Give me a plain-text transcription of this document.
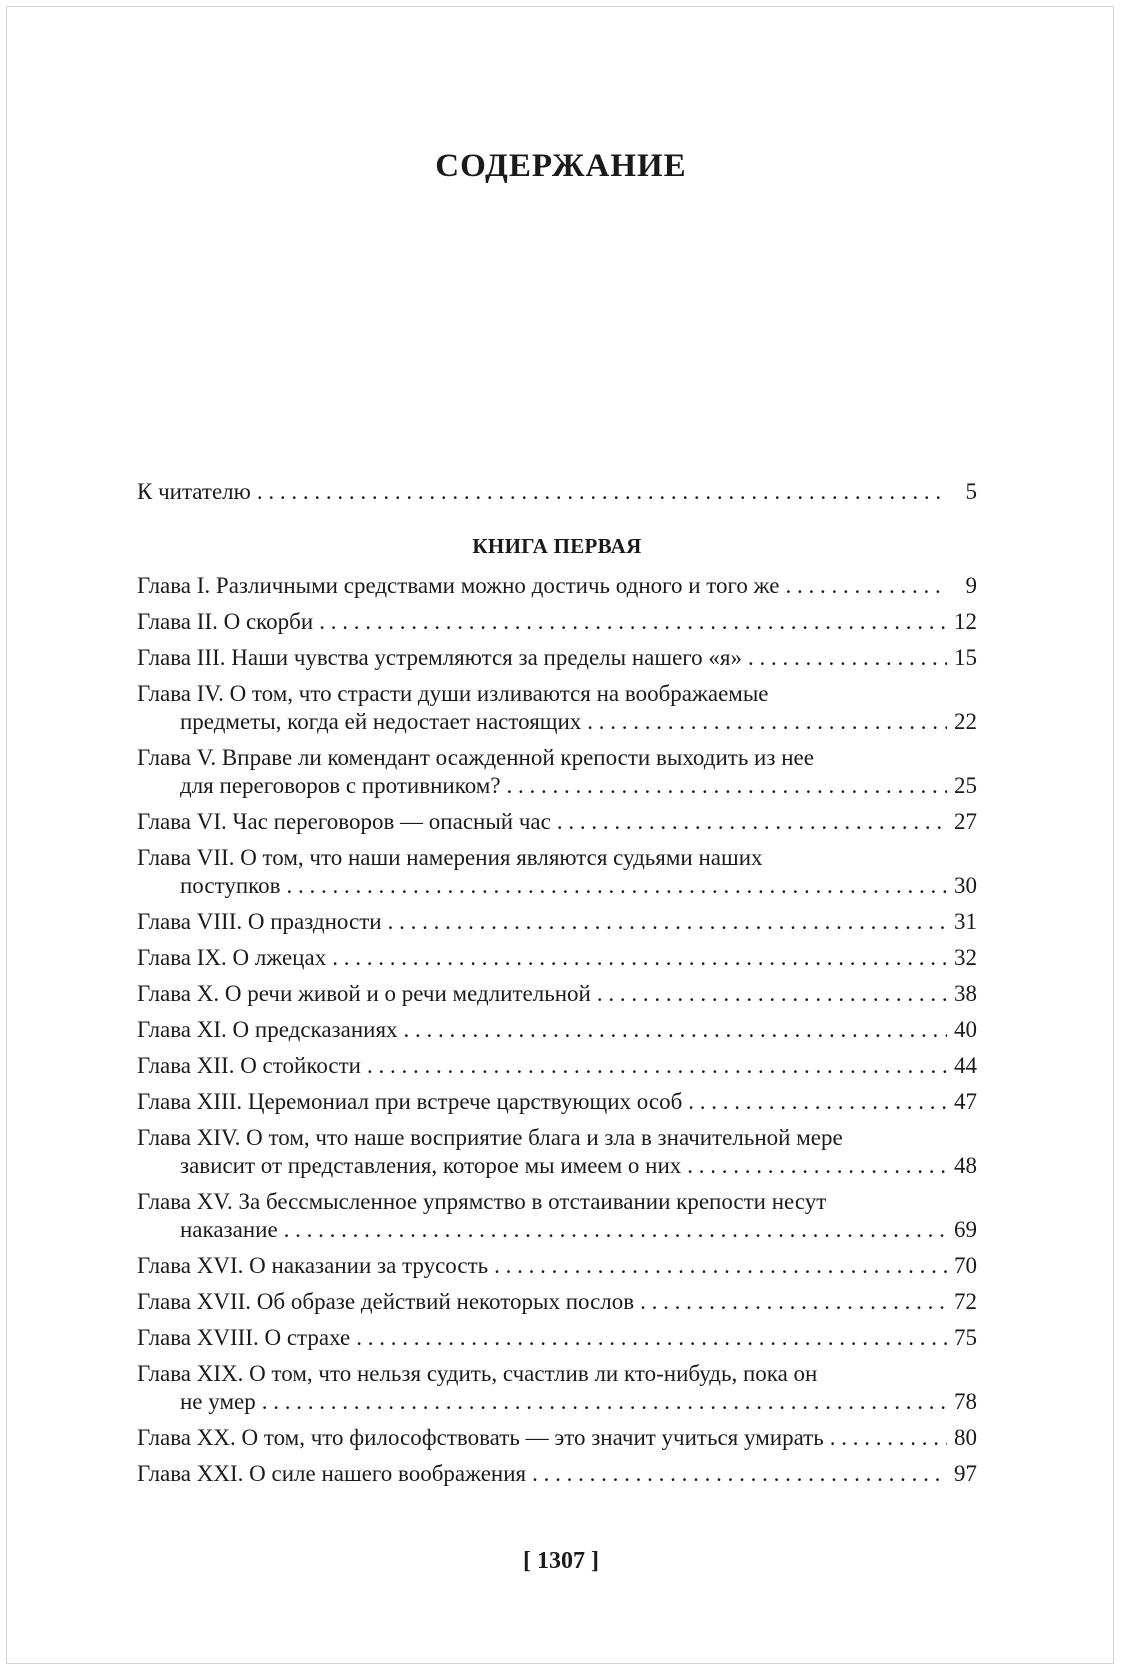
СОДЕРЖАНИЕ
К читателю . . .	5
КНИГА ПЕРВАЯ
Глава I. Различными средствами можно достичь одного и того же . . .	9
Глава II. О скорби . . .	12
Глава III. Наши чувства устремляются за пределы нашего «я» . . .	15
Глава IV. О том, что страсти души изливаются на воображаемые
предметы, когда ей недостает настоящих . . .	22
Глава V. Вправе ли комендант осажденной крепости выходить из нее
для переговоров с противником? . . .	25
Глава VI. Час переговоров — опасный час . . .	27
Глава VII. О том, что наши намерения являются судьями наших
поступков . . .	30
Глава VIII. О праздности . . .	31
Глава IX. О лжецах . . .	32
Глава X. О речи живой и о речи медлительной . . .	38
Глава XI. О предсказаниях . . .	40
Глава XII. О стойкости . . .	44
Глава XIII. Церемониал при встрече царствующих особ . . .	47
Глава XIV. О том, что наше восприятие блага и зла в значительной мере
зависит от представления, которое мы имеем о них . . .	48
Глава XV. За бессмысленное упрямство в отстаивании крепости несут
наказание . . .	69
Глава XVI. О наказании за трусость . . .	70
Глава XVII. Об образе действий некоторых послов . . .	72
Глава XVIII. О страхе . . .	75
Глава XIX. О том, что нельзя судить, счастлив ли кто-нибудь, пока он
не умер . . .	78
Глава XX. О том, что философствовать — это значит учиться умирать . . .	80
Глава XXI. О силе нашего воображения . . .	97
[ 1307 ]
